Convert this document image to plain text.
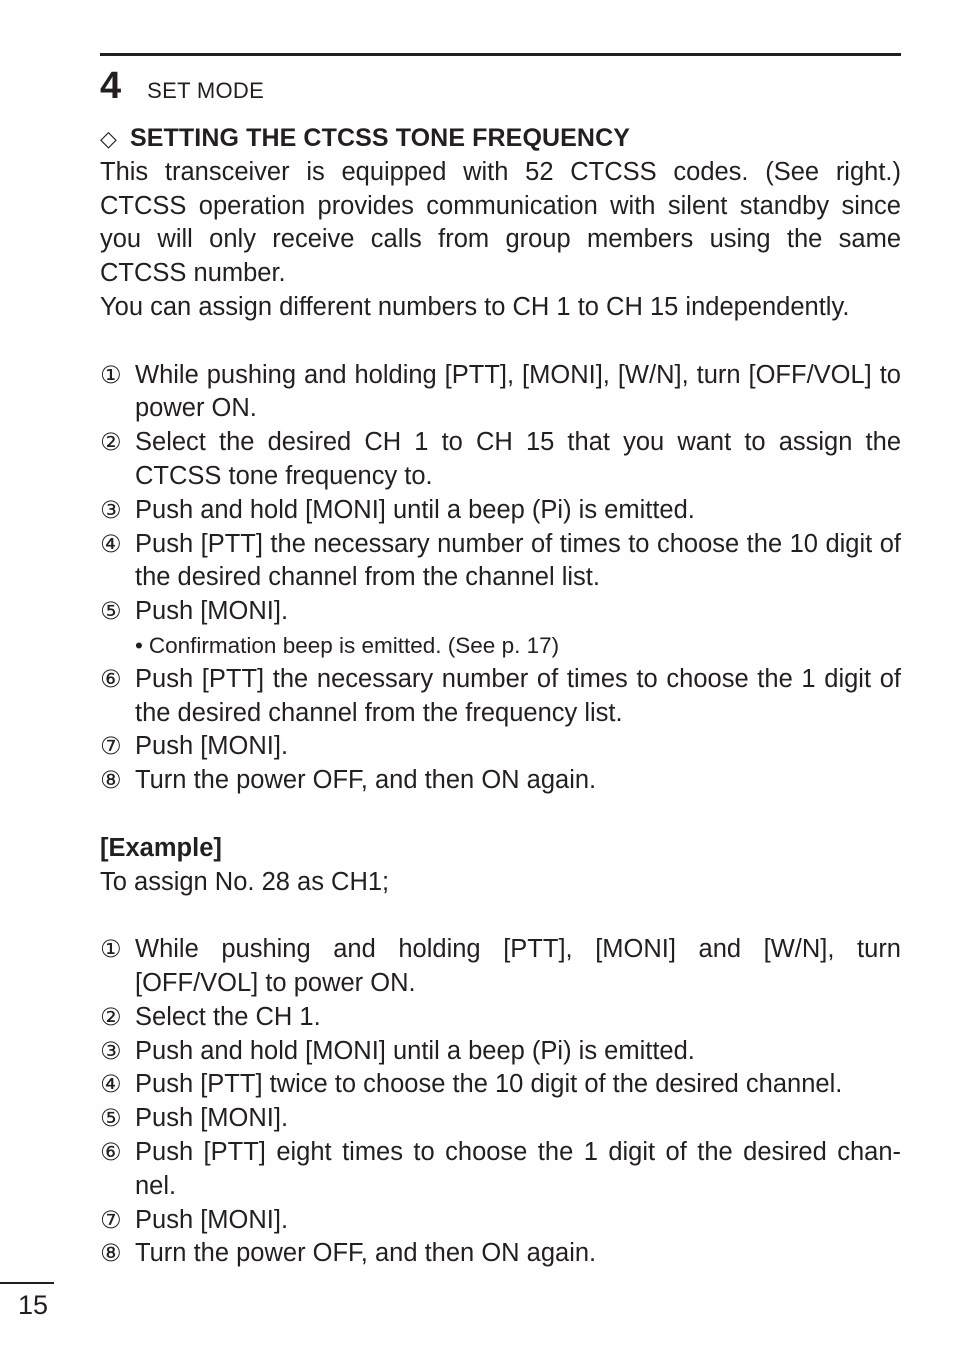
4 SET MODE
◇ SETTING THE CTCSS TONE FREQUENCY

This transceiver is equipped with 52 CTCSS codes. (See right.) CTCSS operation provides communication with silent standby since you will only receive calls from group members using the same CTCSS number.

You can assign different numbers to CH 1 to CH 15 independently.

① While pushing and holding [PTT], [MONI], [W/N], turn [OFF/VOL] to power ON.
② Select the desired CH 1 to CH 15 that you want to assign the CTCSS tone frequency to.
③ Push and hold [MONI] until a beep (Pi) is emitted.
④ Push [PTT] the necessary number of times to choose the 10 digit of the desired channel from the channel list.
⑤ Push [MONI].
• Confirmation beep is emitted. (See p. 17)
⑥ Push [PTT] the necessary number of times to choose the 1 digit of the desired channel from the frequency list.
⑦ Push [MONI].
⑧ Turn the power OFF, and then ON again.
[Example]
To assign No. 28 as CH1;
① While pushing and holding [PTT], [MONI] and [W/N], turn [OFF/VOL] to power ON.
② Select the CH 1.
③ Push and hold [MONI] until a beep (Pi) is emitted.
④ Push [PTT] twice to choose the 10 digit of the desired channel.
⑤ Push [MONI].
⑥ Push [PTT] eight times to choose the 1 digit of the desired chan-nel.
⑦ Push [MONI].
⑧ Turn the power OFF, and then ON again.
15
